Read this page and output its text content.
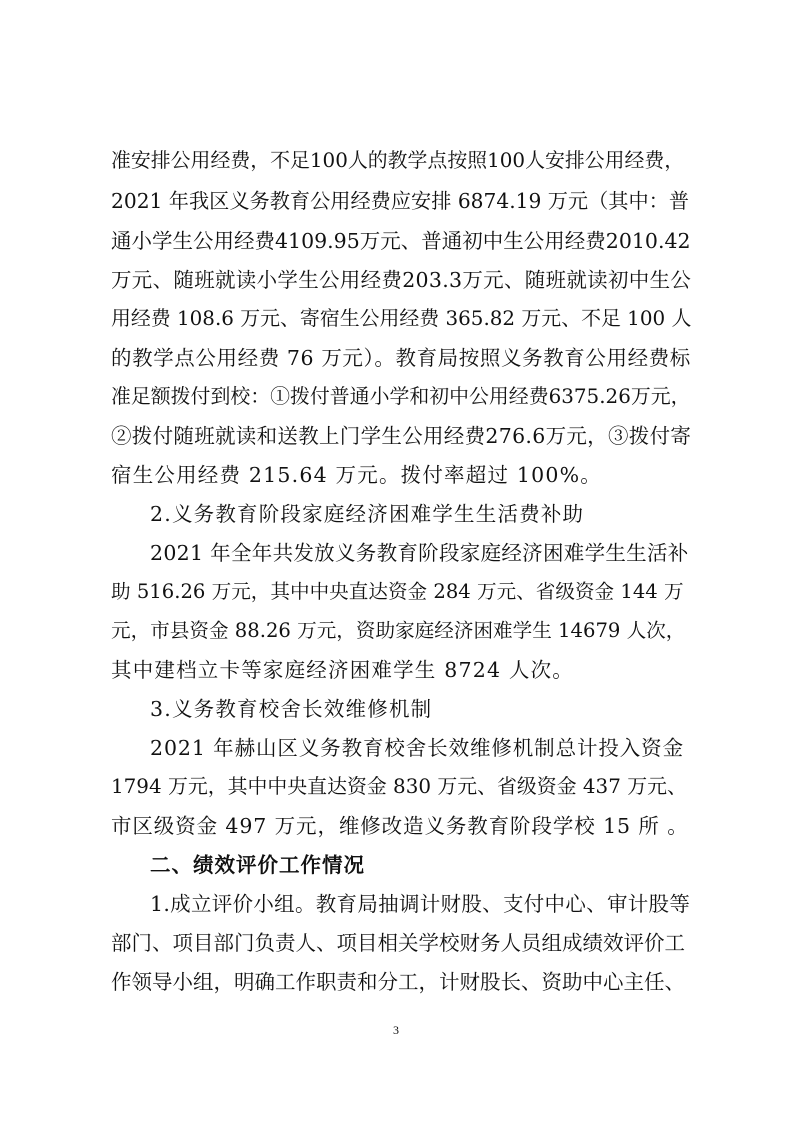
准安排公用经费，不足100人的教学点按照100人安排公用经费，
2021 年我区义务教育公用经费应安排 6874.19 万元（其中：普
通小学生公用经费4109.95万元、普通初中生公用经费2010.42
万元、随班就读小学生公用经费203.3万元、随班就读初中生公
用经费 108.6 万元、寄宿生公用经费 365.82 万元、不足 100 人
的教学点公用经费 76 万元）。教育局按照义务教育公用经费标
准足额拨付到校：①拨付普通小学和初中公用经费6375.26万元，
②拨付随班就读和送教上门学生公用经费276.6万元，③拨付寄
宿生公用经费 215.64 万元。拨付率超过 100%。
2.义务教育阶段家庭经济困难学生生活费补助
2021 年全年共发放义务教育阶段家庭经济困难学生生活补
助 516.26 万元，其中中央直达资金 284 万元、省级资金 144 万
元，市县资金 88.26 万元，资助家庭经济困难学生 14679 人次，
其中建档立卡等家庭经济困难学生 8724 人次。
3.义务教育校舍长效维修机制
2021 年赫山区义务教育校舍长效维修机制总计投入资金
1794 万元，其中中央直达资金 830 万元、省级资金 437 万元、
市区级资金 497 万元，维修改造义务教育阶段学校 15 所 。
二、绩效评价工作情况
1.成立评价小组。教育局抽调计财股、支付中心、审计股等
部门、项目部门负责人、项目相关学校财务人员组成绩效评价工
作领导小组，明确工作职责和分工，计财股长、资助中心主任、
3
